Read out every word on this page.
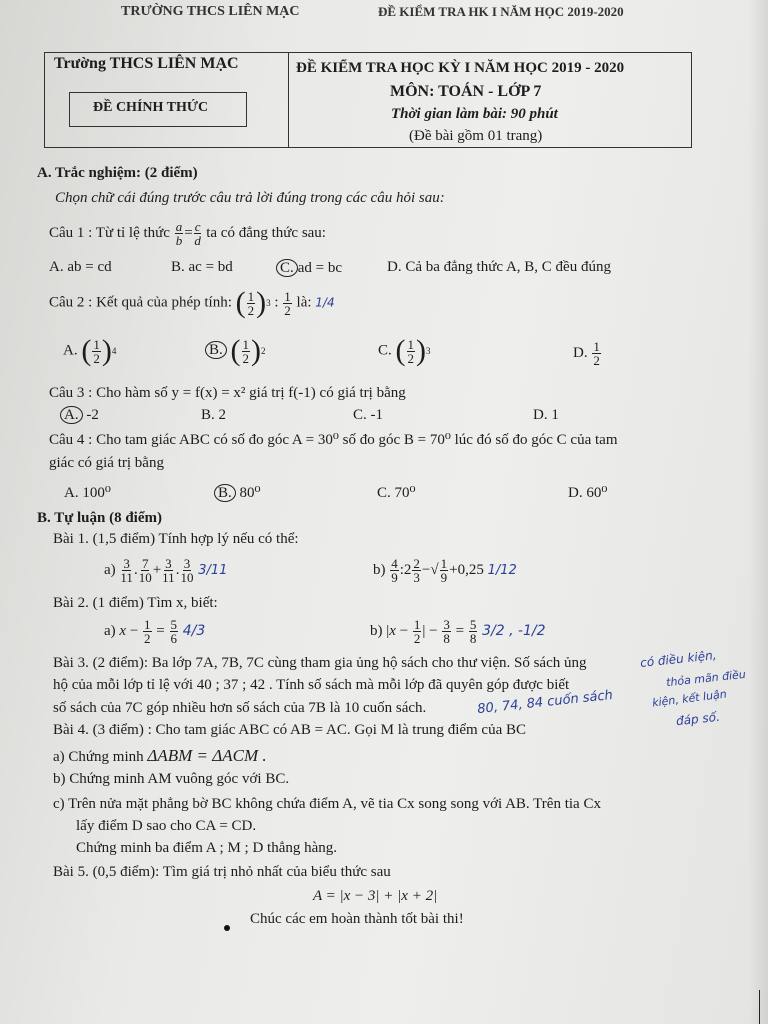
TRƯỜNG THCS LIÊN MẠC	ĐỀ KIỂM TRA HK I NĂM HỌC 2019-2020
Trường THCS LIÊN MẠC
ĐỀ CHÍNH THỨC
ĐỀ KIỂM TRA HỌC KỲ I NĂM HỌC 2019 - 2020
MÔN: TOÁN - LỚP 7
Thời gian làm bài: 90 phút
(Đề bài gồm 01 trang)
A. Trắc nghiệm: (2 điểm)
Chọn chữ cái đúng trước câu trả lời đúng trong các câu hỏi sau:
Câu 1 : Từ tỉ lệ thức $\frac{a}{b} = \frac{c}{d}$ ta có đẳng thức sau:
A. ab = cd	B. ac = bd	C. ad = bc	D. Cả ba đẳng thức A, B, C đều đúng
Câu 2 : Kết quả của phép tính: ( $\frac{1}{2}$ ) 3 : $\frac{1}{2}$ là: 1/4
A. ( $\frac{1}{2}$ ) 4	B. ( $\frac{1}{2}$ ) 2	C. ( $\frac{1}{2}$ ) 3	D. $\frac{1}{2}$
Câu 3 : Cho hàm số y = f(x) = x² giá trị f(-1) có giá trị bằng
A. -2	B. 2	C. -1	D. 1
Câu 4 : Cho tam giác ABC có số đo góc A = 30⁰ số đo góc B = 70⁰ lúc đó số đo góc C của tam
giác có giá trị bằng
A. 100⁰	B. 80⁰	C. 70⁰	D. 60⁰
B. Tự luận (8 điểm)
Bài 1. (1,5 điểm) Tính hợp lý nếu có thể:
$a) \frac{3}{11}$ . $\frac{7}{10} + \frac{3}{11}$ . $\frac{3}{10} 3/11$	$b) \frac{4}{9}$ :2 $\frac{2}{3}$ −√ $\frac{1}{9} +0,25$ 1/12
Bài 2. (1 điểm) Tìm x, biết:
a) $x - \frac{1}{2} = \frac{5}{6} 4/3$	b) $|x - \frac{1}{2}$ | − $\frac{3}{8} = \frac{5}{8} 3/2$ , -1/2
Bài 3. (2 điểm): Ba lớp 7A, 7B, 7C cùng tham gia ủng hộ sách cho thư viện. Số sách ủng
hộ của mỗi lớp tỉ lệ với 40 ; 37 ; 42 . Tính số sách mà mỗi lớp đã quyên góp được biết
số sách của 7C góp nhiều hơn số sách của 7B là 10 cuốn sách.
có điều kiện,
thỏa mãn điều
80, 74, 84 cuốn sách	kiện, kết luận
đáp số.
Bài 4. (3 điểm) : Cho tam giác ABC có AB = AC. Gọi M là trung điểm của BC
a) Chứng minh ΔABM = ΔACM .
b) Chứng minh AM vuông góc với BC.
c) Trên nửa mặt phẳng bờ BC không chứa điểm A, vẽ tia Cx song song với AB. Trên tia Cx
lấy điểm D sao cho CA = CD.
Chứng minh ba điểm A ; M ; D thẳng hàng.
Bài 5. (0,5 điểm): Tìm giá trị nhỏ nhất của biểu thức sau
A = |x − 3| + |x + 2|
Chúc các em hoàn thành tốt bài thi!
